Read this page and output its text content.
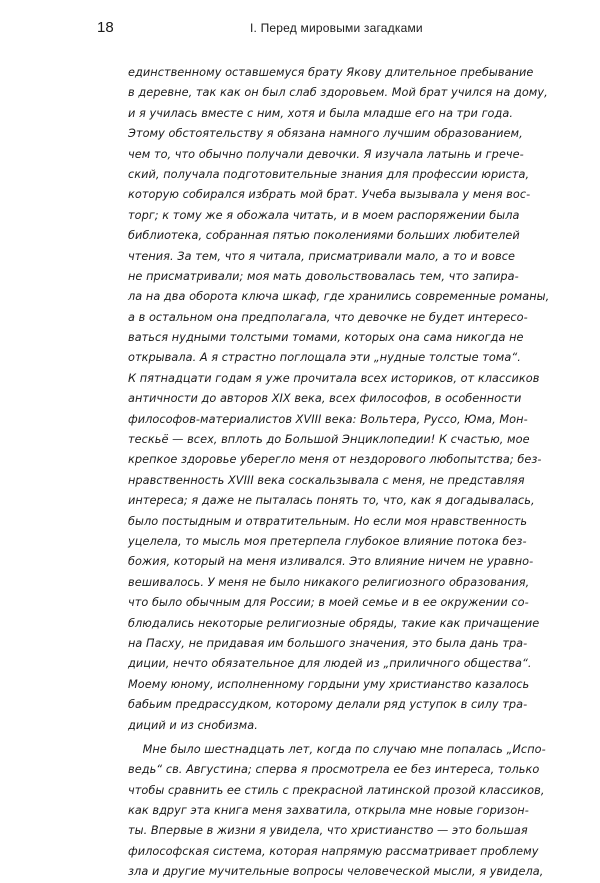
18	I. Перед мировыми загадками
единственному оставшемуся брату Якову длительное пребывание
в деревне, так как он был слаб здоровьем. Мой брат учился на дому,
и я училась вместе с ним, хотя и была младше его на три года.
Этому обстоятельству я обязана намного лучшим образованием,
чем то, что обычно получали девочки. Я изучала латынь и грече-
ский, получала подготовительные знания для профессии юриста,
которую собирался избрать мой брат. Учеба вызывала у меня вос-
торг; к тому же я обожала читать, и в моем распоряжении была
библиотека, собранная пятью поколениями больших любителей
чтения. За тем, что я читала, присматривали мало, а то и вовсе
не присматривали; моя мать довольствовалась тем, что запира-
ла на два оборота ключа шкаф, где хранились современные романы,
а в остальном она предполагала, что девочке не будет интересо-
ваться нудными толстыми томами, которых она сама никогда не
открывала. А я страстно поглощала эти „нудные толстые тома“.
К пятнадцати годам я уже прочитала всех историков, от классиков
античности до авторов XIX века, всех философов, в особенности
философов-материалистов XVIII века: Вольтера, Руссо, Юма, Мон-
тескьё — всех, вплоть до Большой Энциклопедии! К счастью, мое
крепкое здоровье уберегло меня от нездорового любопытства; без-
нравственность XVIII века соскальзывала с меня, не представляя
интереса; я даже не пыталась понять то, что, как я догадывалась,
было постыдным и отвратительным. Но если моя нравственность
уцелела, то мысль моя претерпела глубокое влияние потока без-
божия, который на меня изливался. Это влияние ничем не уравно-
вешивалось. У меня не было никакого религиозного образования,
что было обычным для России; в моей семье и в ее окружении со-
блюдались некоторые религиозные обряды, такие как причащение
на Пасху, не придавая им большого значения, это была дань тра-
диции, нечто обязательное для людей из „приличного общества“.
Моему юному, исполненному гордыни уму христианство казалось
бабьим предрассудком, которому делали ряд уступок в силу тра-
диций и из снобизма.
Мне было шестнадцать лет, когда по случаю мне попалась „Испо-
ведь“ св. Августина; сперва я просмотрела ее без интереса, только
чтобы сравнить ее стиль с прекрасной латинской прозой классиков,
как вдруг эта книга меня захватила, открыла мне новые горизон-
ты. Впервые в жизни я увидела, что христианство — это большая
философская система, которая напрямую рассматривает проблему
зла и другие мучительные вопросы человеческой мысли, я увидела,
